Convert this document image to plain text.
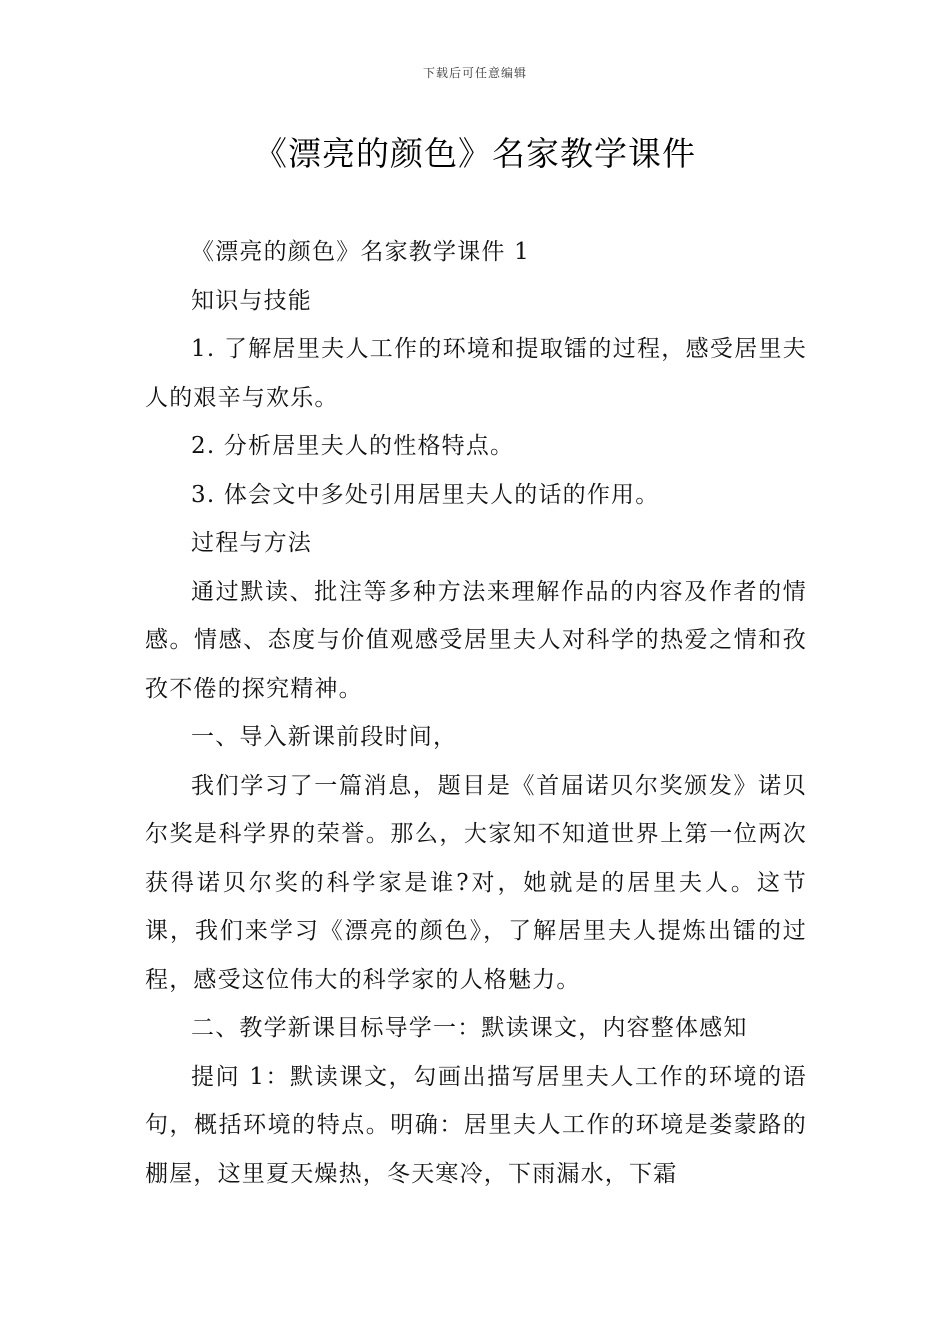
下载后可任意编辑
《漂亮的颜色》名家教学课件

《漂亮的颜色》名家教学课件 1

知识与技能

1. 了解居里夫人工作的环境和提取镭的过程，感受居里夫人的艰辛与欢乐。

2. 分析居里夫人的性格特点。

3. 体会文中多处引用居里夫人的话的作用。

过程与方法

通过默读、批注等多种方法来理解作品的内容及作者的情感。情感、态度与价值观感受居里夫人对科学的热爱之情和孜孜不倦的探究精神。

一、导入新课前段时间，

我们学习了一篇消息，题目是《首届诺贝尔奖颁发》诺贝尔奖是科学界的荣誉。那么，大家知不知道世界上第一位两次获得诺贝尔奖的科学家是谁?对，她就是的居里夫人。这节课，我们来学习《漂亮的颜色》，了解居里夫人提炼出镭的过程，感受这位伟大的科学家的人格魅力。

二、教学新课目标导学一：默读课文，内容整体感知

提问 1：默读课文，勾画出描写居里夫人工作的环境的语句，概括环境的特点。明确：居里夫人工作的环境是娄蒙路的棚屋，这里夏天燥热，冬天寒冷，下雨漏水，下霜
